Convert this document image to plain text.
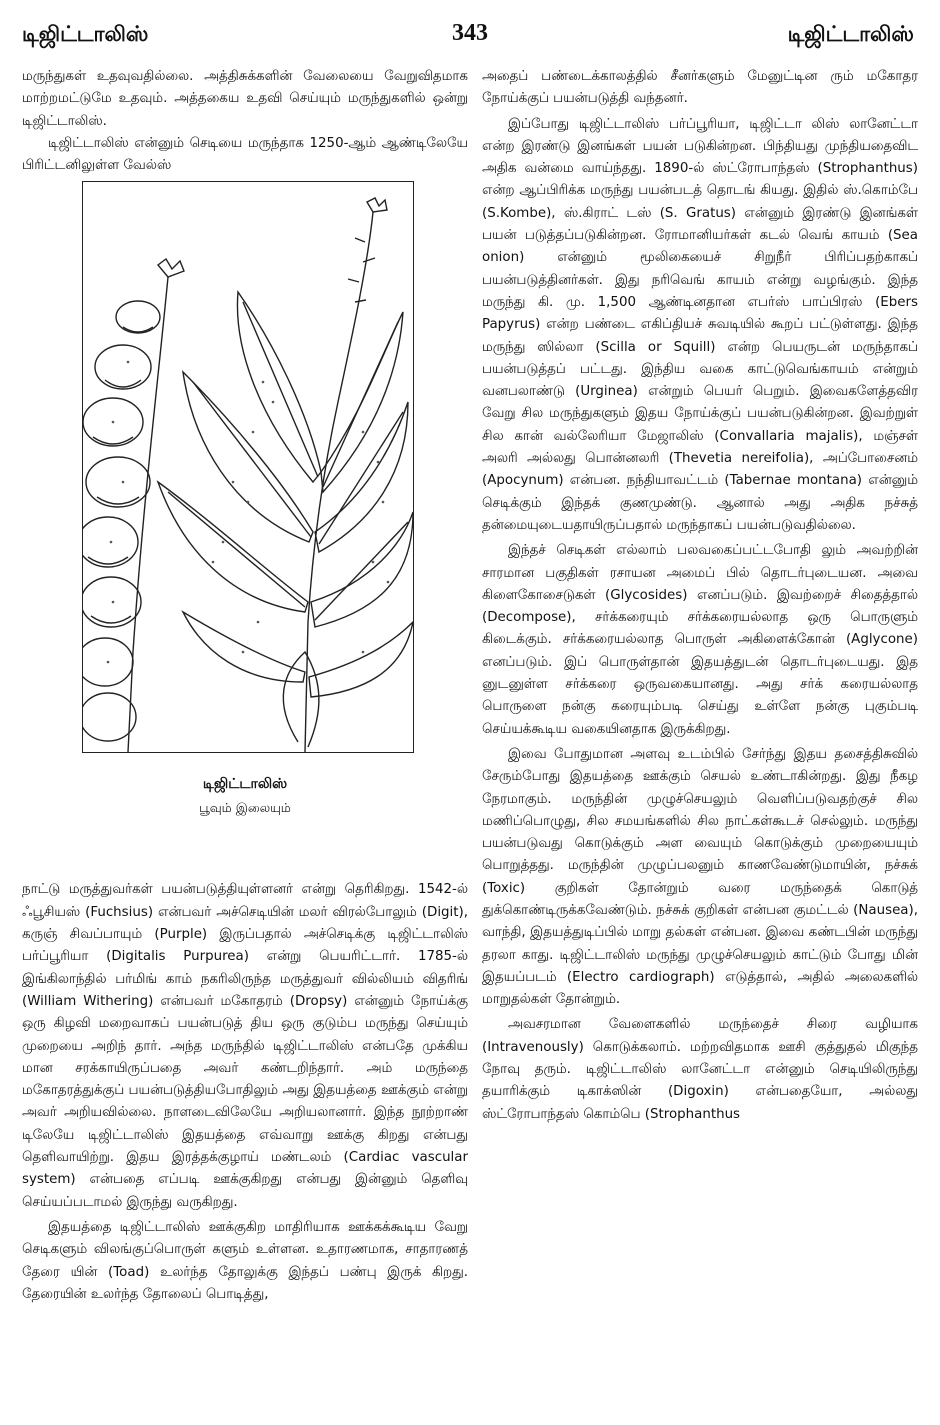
டிஜிட்டாலிஸ்	343	டிஜிட்டாலிஸ்

மருந்துகள் உதவுவதில்லை. அத்திசுக்களின் வேலையை வேறுவிதமாக மாற்றமட்டுமே உதவும். அத்தகைய உதவி செய்யும் மருந்துகளில் ஒன்று டிஜிட்டாலிஸ்.

டிஜிட்டாலிஸ் என்னும் செடியை மருந்தாக 1250-ஆம் ஆண்டிலேயே பிரிட்டனிலுள்ள வேல்ஸ்

டிஜிட்டாலிஸ்
பூவும் இலையும்

நாட்டு மருத்துவர்கள் பயன்படுத்தியுள்ளனர் என்று தெரிகிறது. 1542-ல் ஃபூசியஸ் (Fuchsius) என்பவர் அச்செடியின் மலர் விரல்போலும் (Digit), கருஞ் சிவப்பாயும் (Purple) இருப்பதால் அச்செடிக்கு டிஜிட்டாலிஸ் பர்ப்பூரியா (Digitalis Purpurea) என்று பெயரிட்டார். 1785-ல் இங்கிலாந்தில் பர்மிங் காம் நகரிலிருந்த மருத்துவர் வில்லியம் விதரிங் (William Withering) என்பவர் மகோதரம் (Dropsy) என்னும் நோய்க்கு ஒரு கிழவி மறைவாகப் பயன்படுத் திய ஒரு குடும்ப மருந்து செய்யும் முறையை அறிந் தார். அந்த மருந்தில் டிஜிட்டாலிஸ் என்பதே முக்கிய மான சரக்காயிருப்பதை அவர் கண்டறிந்தார். அம் மருந்தை மகோதரத்துக்குப் பயன்படுத்தியபோதிலும் அது இதயத்தை ஊக்கும் என்று அவர் அறியவில்லை. நாளடைவிலேயே அறியலானார். இந்த நூற்றாண் டிலேயே டிஜிட்டாலிஸ் இதயத்தை எவ்வாறு ஊக்கு கிறது என்பது தெளிவாயிற்று. இதய இரத்தக்குழாய் மண்டலம் (Cardiac vascular system) என்பதை எப்படி ஊக்குகிறது என்பது இன்னும் தெளிவு செய்யப்படாமல் இருந்து வருகிறது.

இதயத்தை டிஜிட்டாலிஸ் ஊக்குகிற மாதிரியாக ஊக்கக்கூடிய வேறு செடிகளும் விலங்குப்பொருள் களும் உள்ளன. உதாரணமாக, சாதாரணத் தேரை யின் (Toad) உலர்ந்த தோலுக்கு இந்தப் பண்பு இருக் கிறது. தேரையின் உலர்ந்த தோலைப் பொடித்து,

அதைப் பண்டைக்காலத்தில் சீனர்களும் மேனுட்டின ரும் மகோதர நோய்க்குப் பயன்படுத்தி வந்தனர்.

இப்போது டிஜிட்டாலிஸ் பர்ப்பூரியா, டிஜிட்டா லிஸ் லானேட்டா என்ற இரண்டு இனங்கள் பயன் படுகின்றன. பிந்தியது முந்தியதைவிட அதிக வன்மை வாய்ந்தது. 1890-ல் ஸ்ட்ரோபாந்தஸ் (Strophanthus) என்ற ஆப்பிரிக்க மருந்து பயன்படத் தொடங் கியது. இதில் ஸ்.கொம்பே (S.Kombe), ஸ்.கிராட் டஸ் (S. Gratus) என்னும் இரண்டு இனங்கள் பயன் படுத்தப்படுகின்றன. ரோமானியர்கள் கடல் வெங் காயம் (Sea onion) என்னும் மூலிகையைச் சிறுநீர் பிரிப்பதற்காகப் பயன்படுத்தினர்கள். இது நரிவெங் காயம் என்று வழங்கும். இந்த மருந்து கி. மு. 1,500 ஆண்டினதான எபர்ஸ் பாப்பிரஸ் (Ebers Papyrus) என்ற பண்டை எகிப்தியச் சுவடியில் கூறப் பட்டுள்ளது. இந்த மருந்து ஸில்லா (Scilla or Squill) என்ற பெயருடன் மருந்தாகப் பயன்படுத்தப் பட்டது. இந்திய வகை காட்டுவெங்காயம் என்றும் வனபலாண்டு (Urginea) என்றும் பெயர் பெறும். இவைகளேத்தவிர வேறு சில மருந்துகளும் இதய நோய்க்குப் பயன்படுகின்றன. இவற்றுள் சில கான் வல்லேரியா மேஜாலிஸ் (Convallaria majalis), மஞ்சள் அலரி அல்லது பொன்னலரி (Thevetia nereifolia), அப்போசைனம் (Apocynum) என்பன. நந்தியாவட்டம் (Tabernae montana) என்னும் செடிக்கும் இந்தக் குணமுண்டு. ஆனால் அது அதிக நச்சுத் தன்மையுடையதாயிருப்பதால் மருந்தாகப் பயன்படுவதில்லை.

இந்தச் செடிகள் எல்லாம் பலவகைப்பட்டபோதி லும் அவற்றின் சாரமான பகுதிகள் ரசாயன அமைப் பில் தொடர்புடையன. அவை கிளைகோசைடுகள் (Glycosides) எனப்படும். இவற்றைச் சிதைத்தால் (Decompose), சர்க்கரையும் சர்க்கரையல்லாத ஒரு பொருளும் கிடைக்கும். சர்க்கரையல்லாத பொருள் அகிளைக்கோன் (Aglycone) எனப்படும். இப் பொருள்தான் இதயத்துடன் தொடர்புடையது. இத னுடனுள்ள சர்க்கரை ஒருவகையானது. அது சர்க் கரையல்லாத பொருளை நன்கு கரையும்படி செய்து உள்ளே நன்கு புகும்படி செய்யக்கூடிய வகையினதாக இருக்கிறது.

இவை போதுமான அளவு உடம்பில் சேர்ந்து இதய தசைத்திசுவில் சேரும்போது இதயத்தை ஊக்கும் செயல் உண்டாகின்றது. இது நீகழ நேரமாகும். மருந்தின் முழுச்செயலும் வெளிப்படுவதற்குச் சில மணிப்பொழுது, சில சமயங்களில் சில நாட்கள்கூடச் செல்லும். மருந்து பயன்படுவது கொடுக்கும் அள வையும் கொடுக்கும் முறையையும் பொறுத்தது. மருந்தின் முழுப்பலனும் காணவேண்டுமாயின், நச்சுக் (Toxic) குறிகள் தோன்றும் வரை மருந்தைக் கொடுத் துக்கொண்டிருக்கவேண்டும். நச்சுக் குறிகள் என்பன குமட்டல் (Nausea), வாந்தி, இதயத்துடிப்பில் மாறு தல்கள் என்பன. இவை கண்டபின் மருந்து தரலா காது. டிஜிட்டாலிஸ் மருந்து முழுச்செயலும் காட்டும் போது மின் இதயப்படம் (Electro cardiograph) எடுத்தால், அதில் அலைகளில் மாறுதல்கள் தோன்றும்.

அவசரமான வேளைகளில் மருந்தைச் சிரை வழியாக (Intravenously) கொடுக்கலாம். மற்றவிதமாக ஊசி குத்துதல் மிகுந்த நோவு தரும். டிஜிட்டாலிஸ் லானேட்டா என்னும் செடியிலிருந்து தயாரிக்கும் டிகாக்ஸின் (Digoxin) என்பதையோ, அல்லது ஸ்ட்ரோபாந்தஸ் கொம்பெ (Strophanthus
